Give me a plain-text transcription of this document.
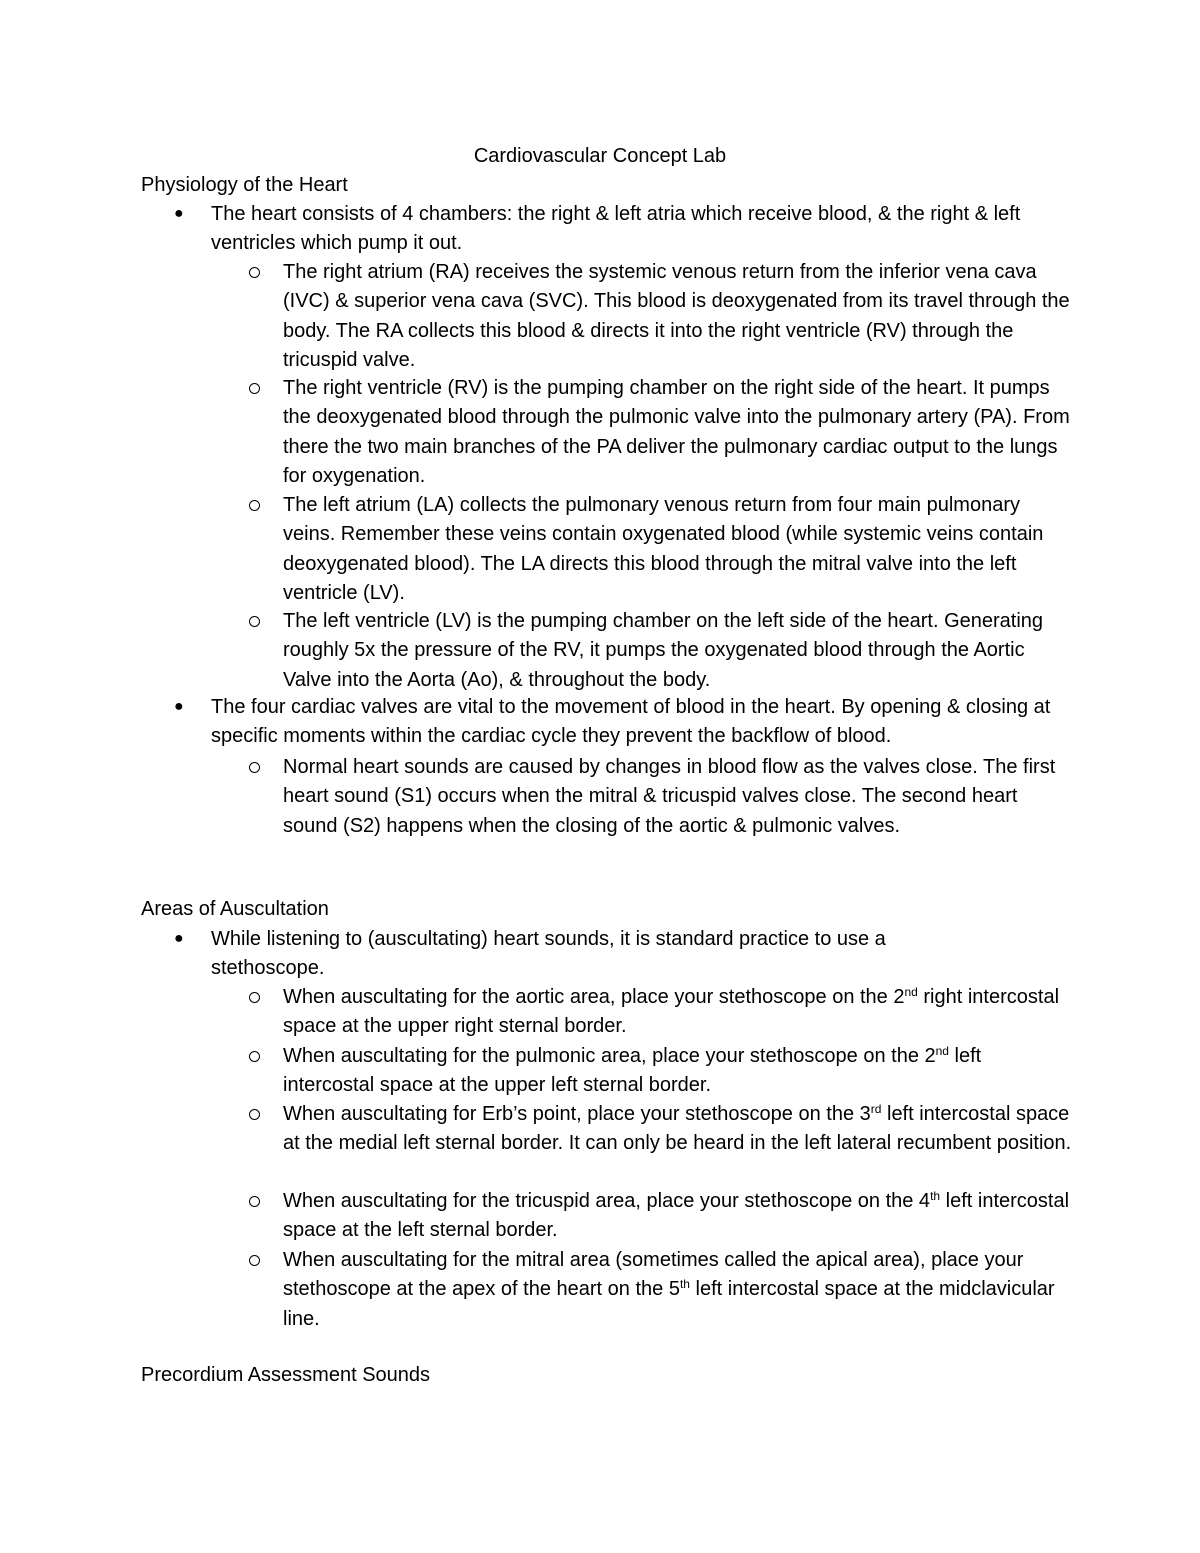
Cardiovascular Concept Lab
Physiology of the Heart
● The heart consists of 4 chambers: the right & left atria which receive blood, & the right & left ventricles which pump it out.
The right atrium (RA) receives the systemic venous return from the inferior vena cava (IVC) & superior vena cava (SVC). This blood is deoxygenated from its travel through the body. The RA collects this blood & directs it into the right ventricle (RV) through the tricuspid valve.
The right ventricle (RV) is the pumping chamber on the right side of the heart. It pumps the deoxygenated blood through the pulmonic valve into the pulmonary artery (PA). From there the two main branches of the PA deliver the pulmonary cardiac output to the lungs for oxygenation.
The left atrium (LA) collects the pulmonary venous return from four main pulmonary veins. Remember these veins contain oxygenated blood (while systemic veins contain deoxygenated blood). The LA directs this blood through the mitral valve into the left ventricle (LV).
The left ventricle (LV) is the pumping chamber on the left side of the heart. Generating roughly 5x the pressure of the RV, it pumps the oxygenated blood through the Aortic Valve into the Aorta (Ao), & throughout the body.
● The four cardiac valves are vital to the movement of blood in the heart. By opening & closing at specific moments within the cardiac cycle they prevent the backflow of blood.
Normal heart sounds are caused by changes in blood flow as the valves close. The first heart sound (S1) occurs when the mitral & tricuspid valves close. The second heart sound (S2) happens when the closing of the aortic & pulmonic valves.
Areas of Auscultation
● While listening to (auscultating) heart sounds, it is standard practice to use a stethoscope.
When auscultating for the aortic area, place your stethoscope on the 2nd right intercostal space at the upper right sternal border.
When auscultating for the pulmonic area, place your stethoscope on the 2nd left intercostal space at the upper left sternal border.
When auscultating for Erb’s point, place your stethoscope on the 3rd left intercostal space at the medial left sternal border. It can only be heard in the left lateral recumbent position.
When auscultating for the tricuspid area, place your stethoscope on the 4th left intercostal space at the left sternal border.
When auscultating for the mitral area (sometimes called the apical area), place your stethoscope at the apex of the heart on the 5th left intercostal space at the midclavicular line.
Precordium Assessment Sounds
